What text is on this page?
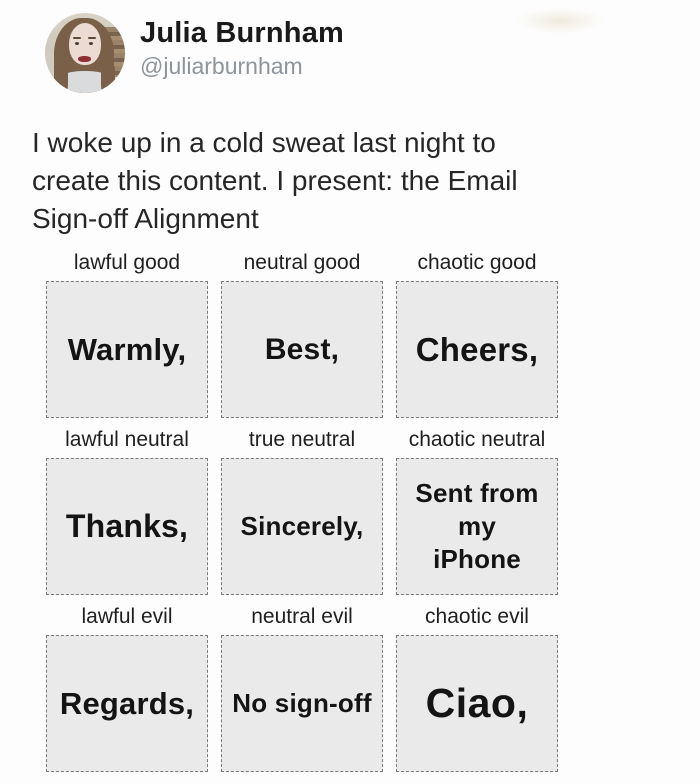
Julia Burnham
@juliarburnham
I woke up in a cold sweat last night to
create this content. I present: the Email
Sign-off Alignment
lawful good
Warmly,
neutral good
Best,
chaotic good
Cheers,
lawful neutral
Thanks,
true neutral
Sincerely,
chaotic neutral
Sent from my iPhone
lawful evil
Regards,
neutral evil
No sign-off
chaotic evil
Ciao,
